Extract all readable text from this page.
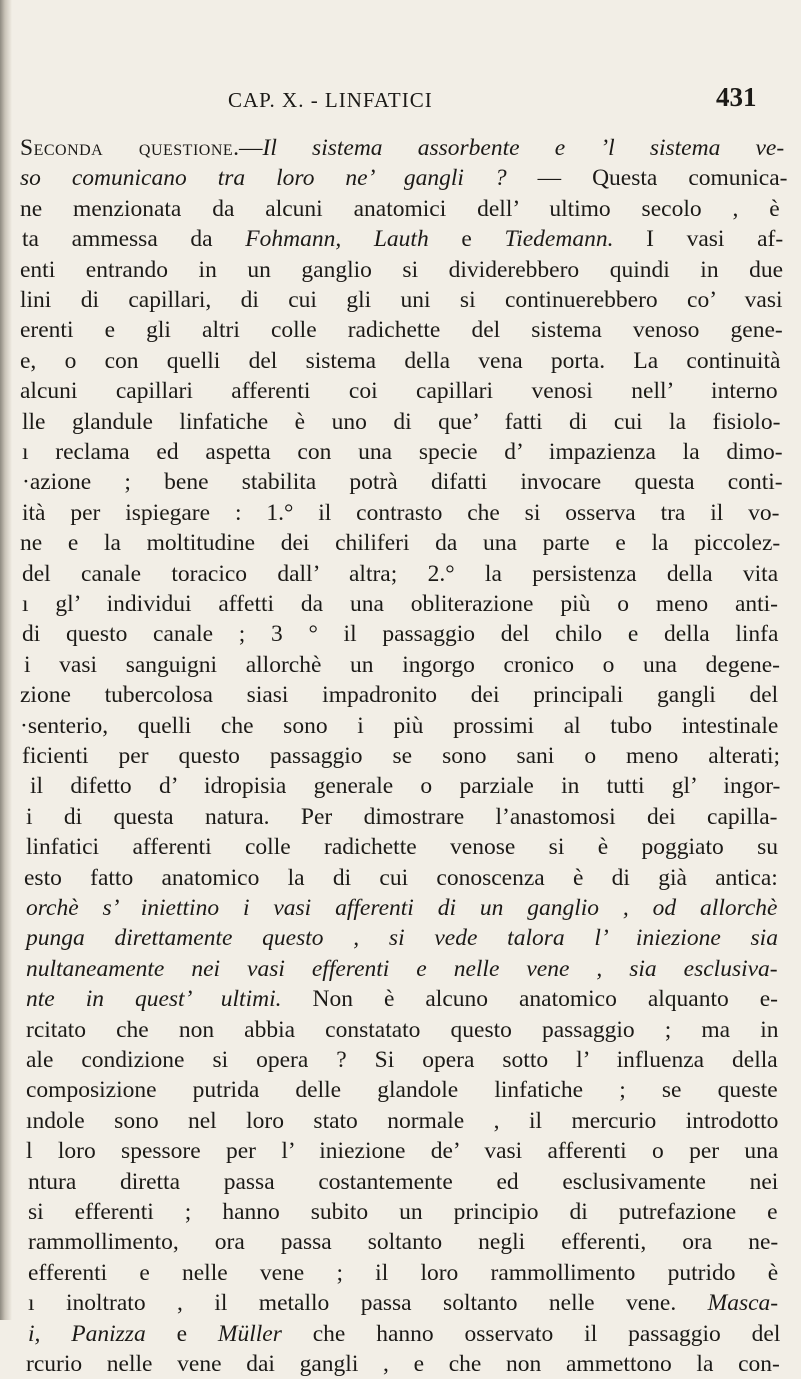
CAP. X. - LINFATICI	431
Seconda questione.—Il sistema assorbente e ’l sistema ve-
so comunicano tra loro ne’ gangli ? — Questa comunica-
ne menzionata da alcuni anatomici dell’ ultimo secolo , è
ta ammessa da Fohmann, Lauth e Tiedemann. I vasi af-
enti entrando in un ganglio si dividerebbero quindi in due
lini di capillari, di cui gli uni si continuerebbero co’ vasi
erenti e gli altri colle radichette del sistema venoso gene-
e, o con quelli del sistema della vena porta. La continuità
alcuni capillari afferenti coi capillari venosi nell’ interno
lle glandule linfatiche è uno di que’ fatti di cui la fisiolo-
ı reclama ed aspetta con una specie d’ impazienza la dimo-
·azione ; bene stabilita potrà difatti invocare questa conti-
ità per ispiegare : 1.° il contrasto che si osserva tra il vo-
ne e la moltitudine dei chiliferi da una parte e la piccolez-
del canale toracico dall’ altra; 2.° la persistenza della vita
ı gl’ individui affetti da una obliterazione più o meno anti-
di questo canale ; 3 ° il passaggio del chilo e della linfa
i vasi sanguigni allorchè un ingorgo cronico o una degene-
zione tubercolosa siasi impadronito dei principali gangli del
·senterio, quelli che sono i più prossimi al tubo intestinale
ficienti per questo passaggio se sono sani o meno alterati;
il difetto d’ idropisia generale o parziale in tutti gl’ ingor-
i di questa natura. Per dimostrare l’anastomosi dei capilla-
linfatici afferenti colle radichette venose si è poggiato su
esto fatto anatomico la di cui conoscenza è di già antica:
orchè s’ iniettino i vasi afferenti di un ganglio , od allorchè
punga direttamente questo , si vede talora l’ iniezione sia
nultaneamente nei vasi efferenti e nelle vene , sia esclusiva-
nte in quest’ ultimi. Non è alcuno anatomico alquanto e-
rcitato che non abbia constatato questo passaggio ; ma in
ale condizione si opera ? Si opera sotto l’ influenza della
composizione putrida delle glandole linfatiche ; se queste
ındole sono nel loro stato normale , il mercurio introdotto
l loro spessore per l’ iniezione de’ vasi afferenti o per una
ntura diretta passa costantemente ed esclusivamente nei
si efferenti ; hanno subito un principio di putrefazione e
rammollimento, ora passa soltanto negli efferenti, ora ne-
efferenti e nelle vene ; il loro rammollimento putrido è
ı inoltrato , il metallo passa soltanto nelle vene. Masca-
i, Panizza e Müller che hanno osservato il passaggio del
rcurio nelle vene dai gangli , e che non ammettono la con-
